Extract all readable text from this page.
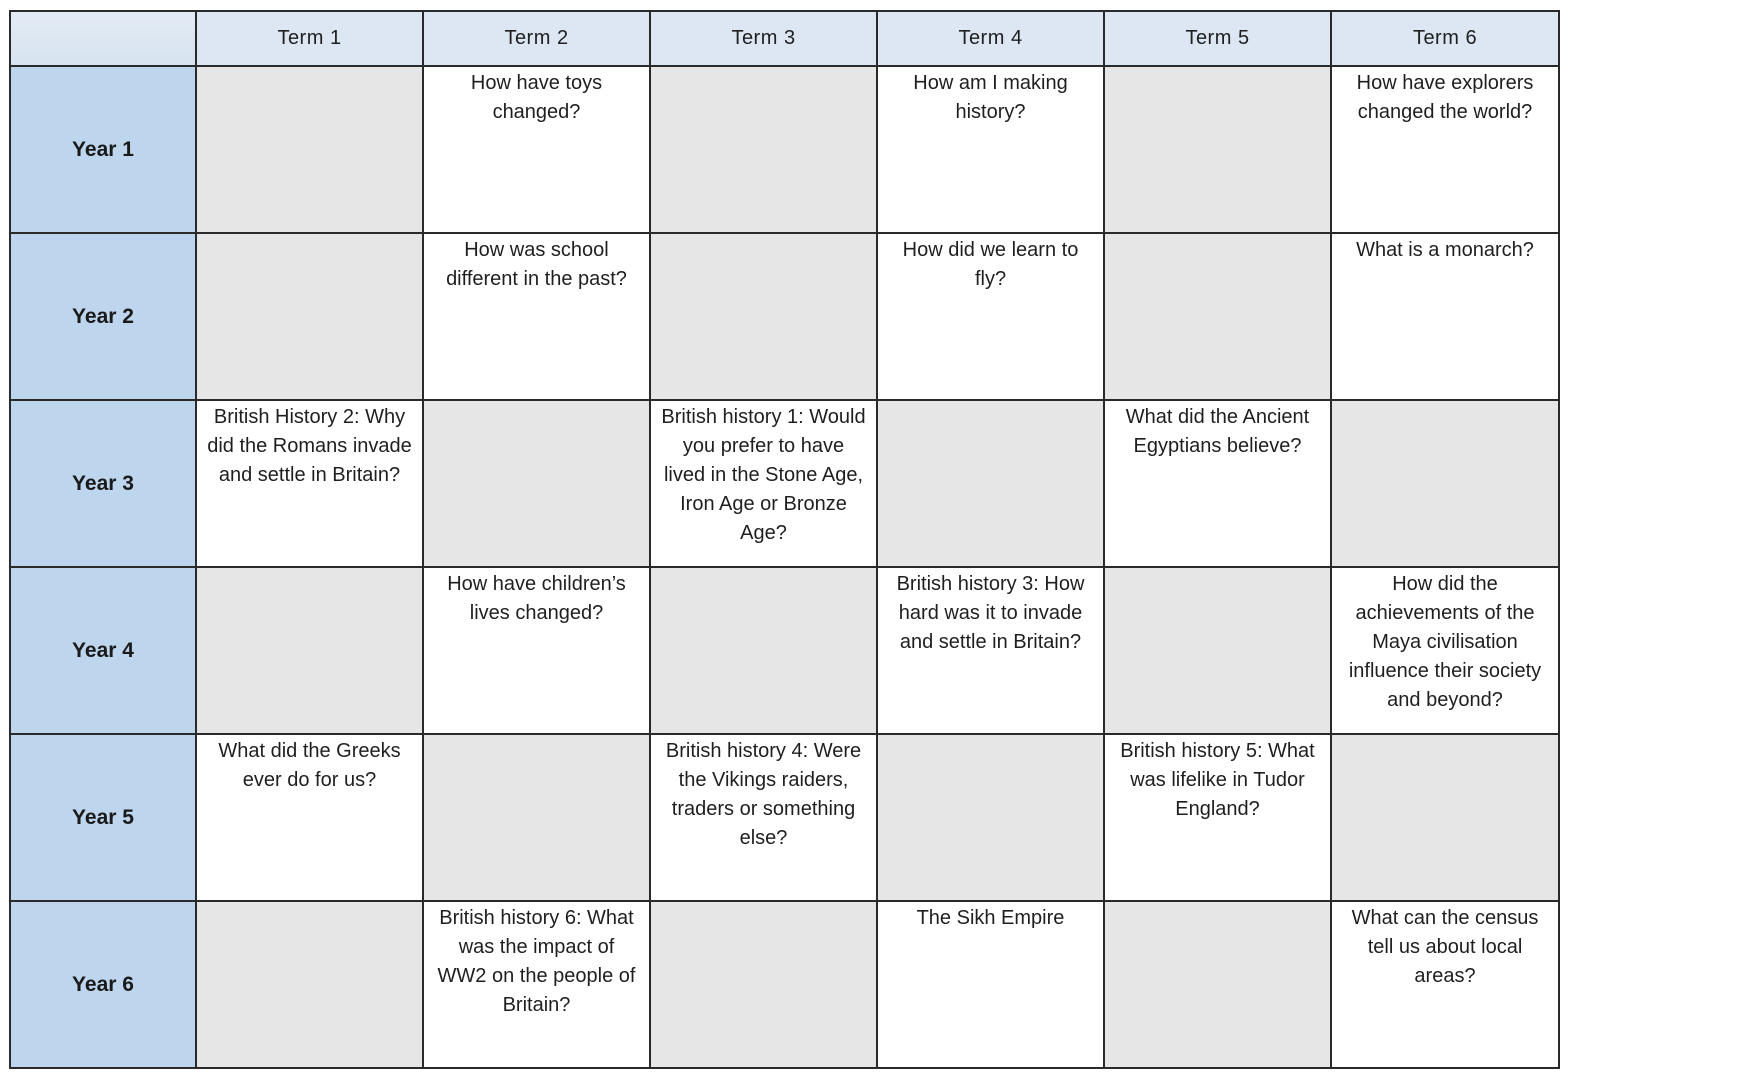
	Term 1	Term 2	Term 3	Term 4	Term 5	Term 6
Year 1		How have toys changed?		How am I making history?		How have explorers changed the world?
Year 2		How was school different in the past?		How did we learn to fly?		What is a monarch?
Year 3	British History 2: Why did the Romans invade and settle in Britain?		British history 1: Would you prefer to have lived in the Stone Age, Iron Age or Bronze Age?		What did the Ancient Egyptians believe?	
Year 4		How have children’s lives changed?		British history 3: How hard was it to invade and settle in Britain?		How did the achievements of the Maya civilisation influence their society and beyond?
Year 5	What did the Greeks ever do for us?		British history 4: Were the Vikings raiders, traders or something else?		British history 5: What was lifelike in Tudor England?	
Year 6		British history 6: What was the impact of WW2 on the people of Britain?		The Sikh Empire		What can the census tell us about local areas?
